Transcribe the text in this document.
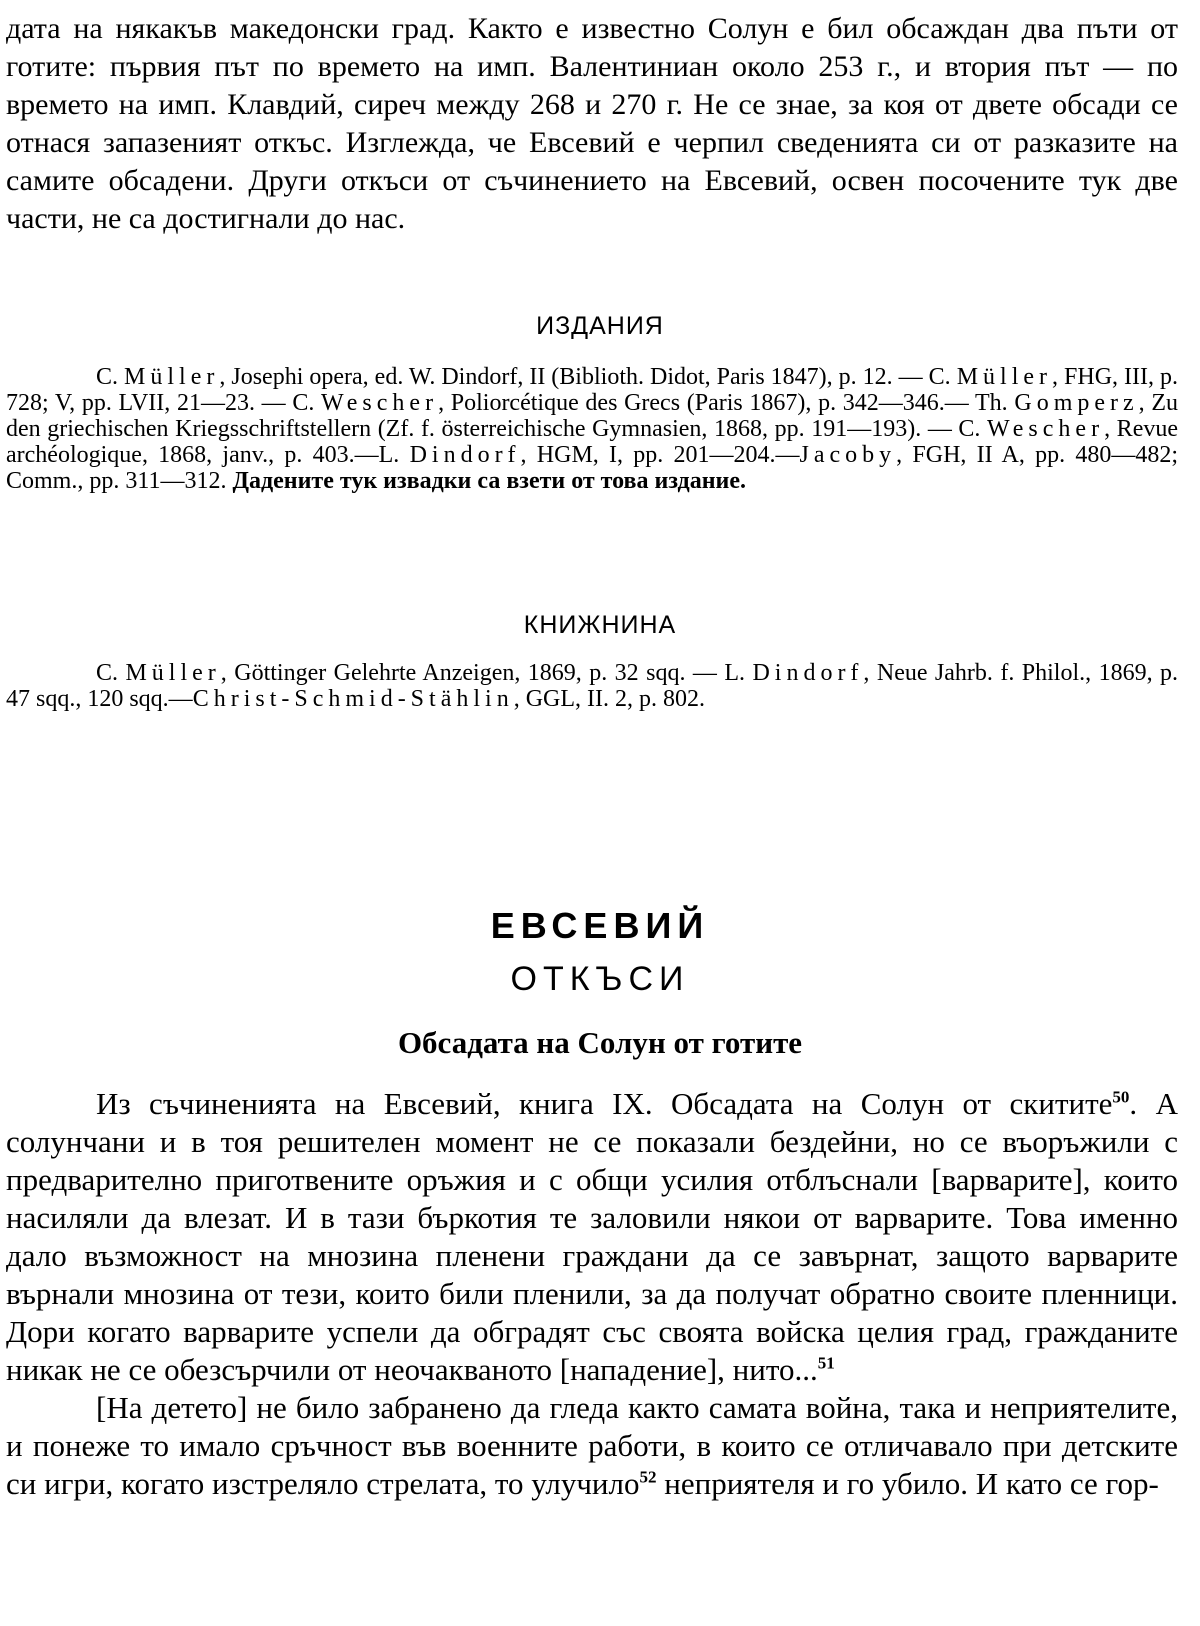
дата на някакъв македонски град. Както е известно Солун е бил обсаждан два пъти от готите: първия път по времето на имп. Валентиниан около 253 г., и втория път — по времето на имп. Клавдий, сиреч между 268 и 270 г. Не се знае, за коя от двете обсади се отнася запазеният откъс. Изглежда, че Евсевий е черпил сведенията си от разказите на самите обсадени. Други откъси от съчинението на Евсевий, освен посочените тук две части, не са достигнали до нас.

ИЗДАНИЯ

C. Müller, Josephi opera, ed. W. Dindorf, II (Biblioth. Didot, Paris 1847), p. 12. — C. Müller, FHG, III, p. 728; V, pp. LVII, 21—23. — C. Wescher, Poliorcétique des Grecs (Paris 1867), p. 342—346.— Th. Gomperz, Zu den griechischen Kriegsschriftstellern (Zf. f. österreichische Gymnasien, 1868, pp. 191—193). — C. Wescher, Revue archéologique, 1868, janv., p. 403.—L. Dindorf, HGM, I, pp. 201—204.—Jacoby, FGH, II A, pp. 480—482; Comm., pp. 311—312. Дадените тук извадки са взети от това издание.

КНИЖНИНА

C. Müller, Göttinger Gelehrte Anzeigen, 1869, p. 32 sqq. — L. Dindorf, Neue Jahrb. f. Philol., 1869, p. 47 sqq., 120 sqq.—Christ-Schmid-Stählin, GGL, II. 2, p. 802.

ЕВСЕВИЙ
ОТКЪСИ
Обсадата на Солун от готите

Из съчиненията на Евсевий, книга IX. Обсадата на Солун от скитите$^{50}$. А солунчани и в тоя решителен момент не се показали бездейни, но се въоръжили с предварително приготвените оръжия и с общи усилия отблъснали [варварите], които насиляли да влезат. И в тази бъркотия те заловили някои от варварите. Това именно дало възможност на мнозина пленени граждани да се завърнат, защото варварите върнали мнозина от тези, които били пленили, за да получат обратно своите пленници. Дори когато варварите успели да обградят със своята войска целия град, гражданите никак не се обезсърчили от неочакваното [нападение], нито...$^{51}$

[На детето] не било забранено да гледа както самата война, така и неприятелите, и понеже то имало сръчност във военните работи, в които се отличавало при детските си игри, когато изстреляло стрелата, то улучило$^{52}$ неприятеля и го убило. И като се гор-
